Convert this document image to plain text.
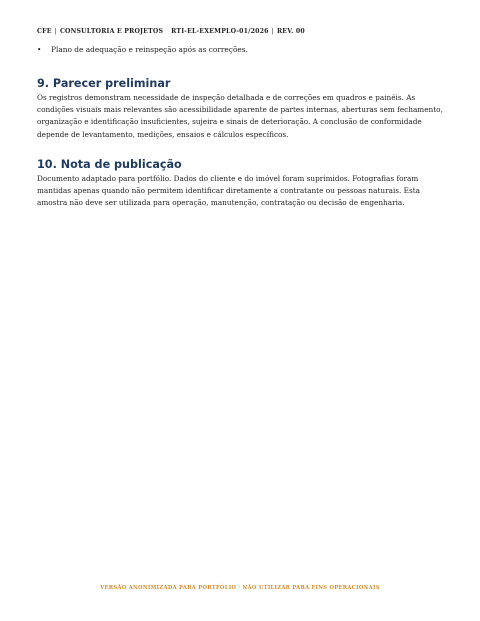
CFE | CONSULTORIA E PROJETOS RTI-EL-EXEMPLO-01/2026 | REV. 00
• Plano de adequação e reinspeção após as correções.
9. Parecer preliminar

Os registros demonstram necessidade de inspeção detalhada e de correções em quadros e painéis. As condições visuais mais relevantes são acessibilidade aparente de partes internas, aberturas sem fechamento, organização e identificação insuficientes, sujeira e sinais de deterioração. A conclusão de conformidade depende de levantamento, medições, ensaios e cálculos específicos.

10. Nota de publicação

Documento adaptado para portfólio. Dados do cliente e do imóvel foram suprimidos. Fotografias foram mantidas apenas quando não permitem identificar diretamente a contratante ou pessoas naturais. Esta amostra não deve ser utilizada para operação, manutenção, contratação ou decisão de engenharia.

VERSÃO ANONIMIZADA PARA PORTFÓLIO · NÃO UTILIZAR PARA FINS OPERACIONAIS
